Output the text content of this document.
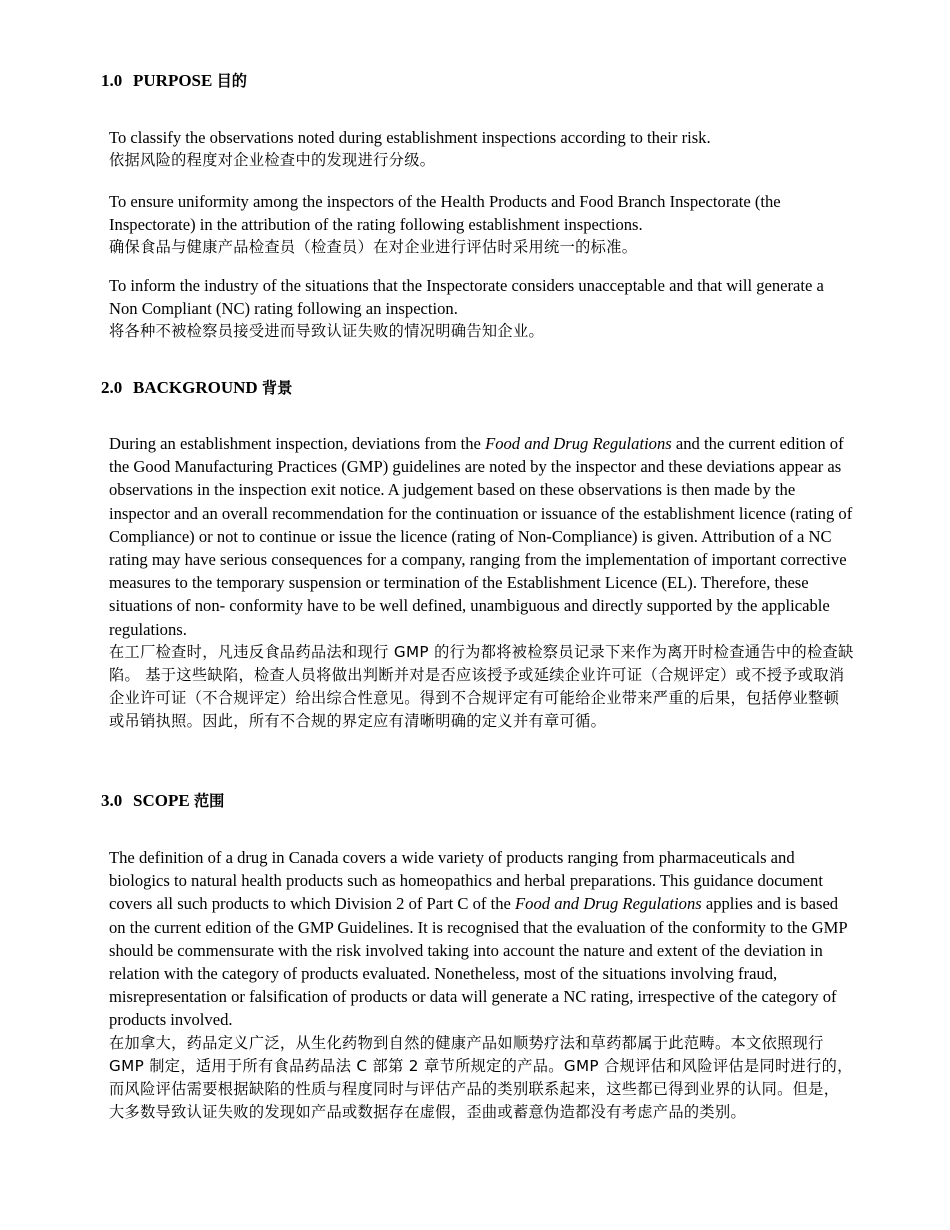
1.0 PURPOSE 目的

To classify the observations noted during establishment inspections according to their risk.

依据风险的程度对企业检查中的发现进行分级。

To ensure uniformity among the inspectors of the Health Products and Food Branch Inspectorate (the Inspectorate) in the attribution of the rating following establishment inspections.

确保食品与健康产品检查员（检查员）在对企业进行评估时采用统一的标准。

To inform the industry of the situations that the Inspectorate considers unacceptable and that will generate a Non Compliant (NC) rating following an inspection.

将各种不被检察员接受进而导致认证失败的情况明确告知企业。

2.0 BACKGROUND 背景

During an establishment inspection, deviations from the Food and Drug Regulations and the current edition of the Good Manufacturing Practices (GMP) guidelines are noted by the inspector and these deviations appear as observations in the inspection exit notice. A judgement based on these observations is then made by the inspector and an overall recommendation for the continuation or issuance of the establishment licence (rating of Compliance) or not to continue or issue the licence (rating of Non-Compliance) is given. Attribution of a NC rating may have serious consequences for a company, ranging from the implementation of important corrective measures to the temporary suspension or termination of the Establishment Licence (EL). Therefore, these situations of non- conformity have to be well defined, unambiguous and directly supported by the applicable regulations.

在工厂检查时，凡违反食品药品法和现行 GMP 的行为都将被检察员记录下来作为离开时检查通告中的检查缺陷。 基于这些缺陷，检查人员将做出判断并对是否应该授予或延续企业许可证（合规评定）或不授予或取消企业许可证（不合规评定）给出综合性意见。得到不合规评定有可能给企业带来严重的后果，包括停业整顿或吊销执照。因此，所有不合规的界定应有清晰明确的定义并有章可循。

3.0 SCOPE 范围

The definition of a drug in Canada covers a wide variety of products ranging from pharmaceuticals and biologics to natural health products such as homeopathics and herbal preparations. This guidance document covers all such products to which Division 2 of Part C of the Food and Drug Regulations applies and is based on the current edition of the GMP Guidelines. It is recognised that the evaluation of the conformity to the GMP should be commensurate with the risk involved taking into account the nature and extent of the deviation in relation with the category of products evaluated. Nonetheless, most of the situations involving fraud, misrepresentation or falsification of products or data will generate a NC rating, irrespective of the category of products involved.

在加拿大，药品定义广泛，从生化药物到自然的健康产品如顺势疗法和草药都属于此范畴。本文依照现行 GMP 制定，适用于所有食品药品法 C 部第 2 章节所规定的产品。GMP 合规评估和风险评估是同时进行的，而风险评估需要根据缺陷的性质与程度同时与评估产品的类别联系起来，这些都已得到业界的认同。但是，大多数导致认证失败的发现如产品或数据存在虚假，歪曲或蓄意伪造都没有考虑产品的类别。
